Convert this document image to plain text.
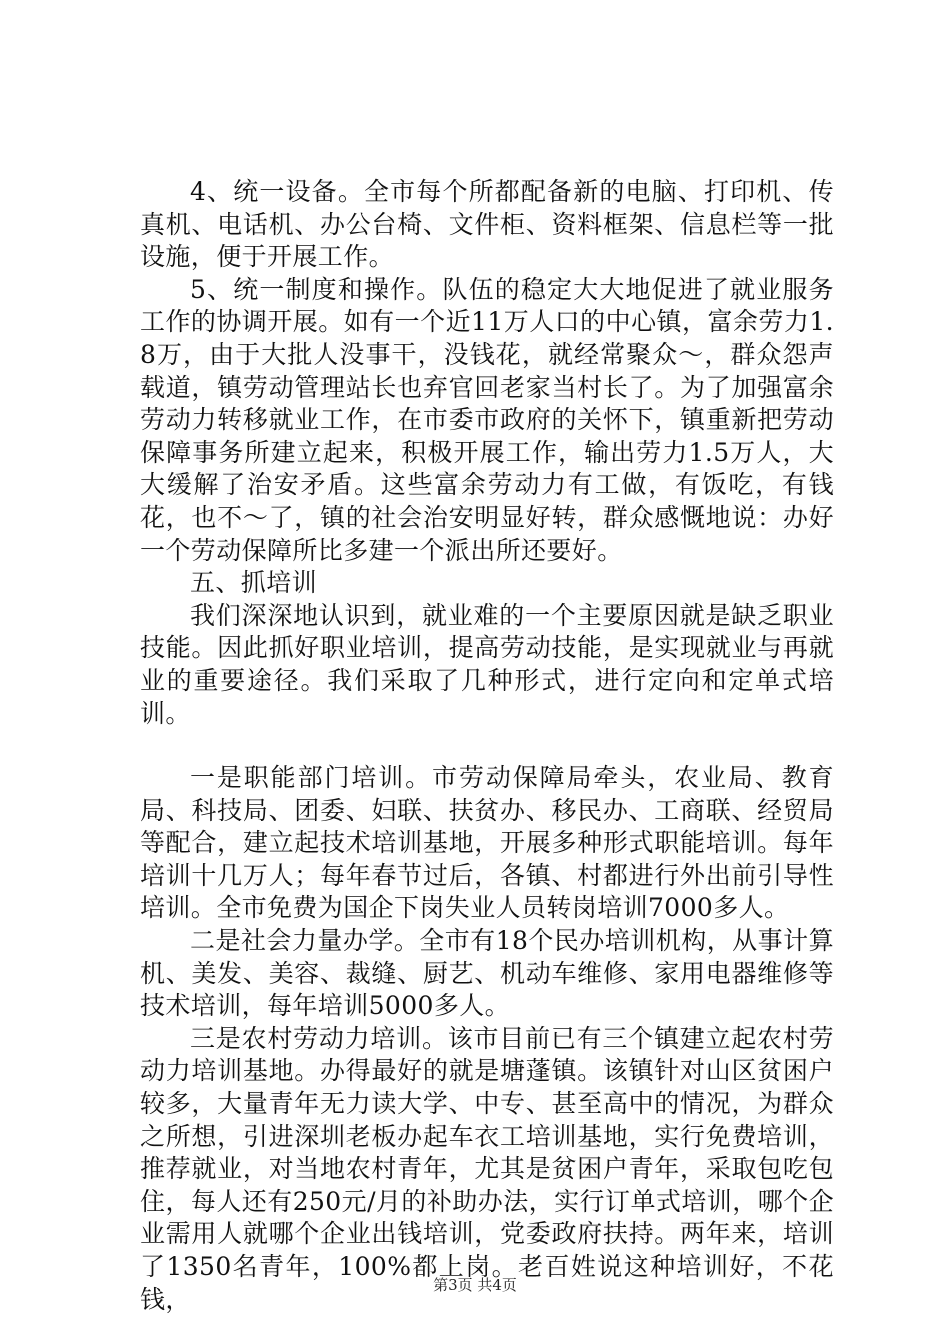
4、统一设备。全市每个所都配备新的电脑、打印机、传真机、电话机、办公台椅、文件柜、资料框架、信息栏等一批设施，便于开展工作。

5、统一制度和操作。队伍的稳定大大地促进了就业服务工作的协调开展。如有一个近11万人口的中心镇，富余劳力1.8万，由于大批人没事干，没钱花，就经常聚众～，群众怨声载道，镇劳动管理站长也弃官回老家当村长了。为了加强富余劳动力转移就业工作，在市委市政府的关怀下，镇重新把劳动保障事务所建立起来，积极开展工作，输出劳力1.5万人，大大缓解了治安矛盾。这些富余劳动力有工做，有饭吃，有钱花，也不～了，镇的社会治安明显好转，群众感慨地说：办好一个劳动保障所比多建一个派出所还要好。

五、抓培训

我们深深地认识到，就业难的一个主要原因就是缺乏职业技能。因此抓好职业培训，提高劳动技能，是实现就业与再就业的重要途径。我们采取了几种形式，进行定向和定单式培训。

一是职能部门培训。市劳动保障局牵头，农业局、教育局、科技局、团委、妇联、扶贫办、移民办、工商联、经贸局等配合，建立起技术培训基地，开展多种形式职能培训。每年培训十几万人；每年春节过后，各镇、村都进行外出前引导性培训。全市免费为国企下岗失业人员转岗培训7000多人。

二是社会力量办学。全市有18个民办培训机构，从事计算机、美发、美容、裁缝、厨艺、机动车维修、家用电器维修等技术培训，每年培训5000多人。

三是农村劳动力培训。该市目前已有三个镇建立起农村劳动力培训基地。办得最好的就是塘蓬镇。该镇针对山区贫困户较多，大量青年无力读大学、中专、甚至高中的情况，为群众之所想，引进深圳老板办起车衣工培训基地，实行免费培训，推荐就业，对当地农村青年，尤其是贫困户青年，采取包吃包住，每人还有250元/月的补助办法，实行订单式培训，哪个企业需用人就哪个企业出钱培训，党委政府扶持。两年来，培训了1350名青年，100%都上岗。老百姓说这种培训好，不花钱，	第3页 共4页
